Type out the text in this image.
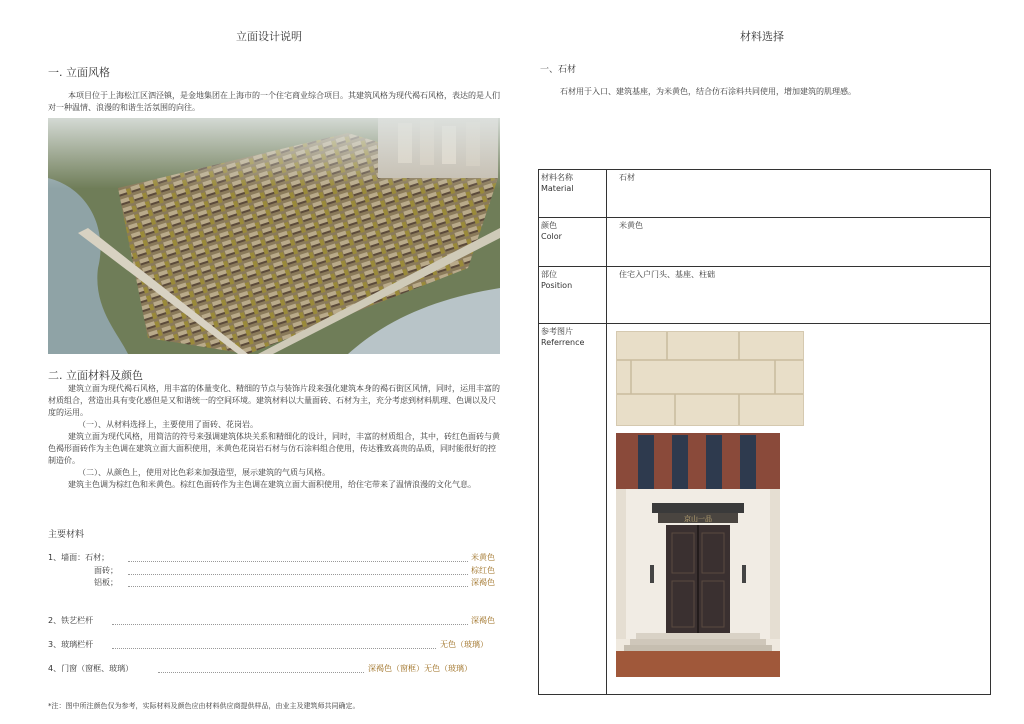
立面设计说明
一. 立面风格
本项目位于上海松江区泗泾镇，是金地集团在上海市的一个住宅商业综合项目。其建筑风格为现代褐石风格，表达的是人们对一种温情、浪漫的和谐生活氛围的向往。
二. 立面材料及颜色

建筑立面为现代褐石风格，用丰富的体量变化、精细的节点与装饰片段来强化建筑本身的褐石街区风情，同时，运用丰富的材质组合，营造出具有变化感但是又和谐统一的空间环境。建筑材料以大量面砖、石材为主，充分考虑到材料肌理、色调以及尺度的运用。

（一）、从材料选择上，主要使用了面砖、花岗岩。

建筑立面为现代风格，用简洁的符号来强调建筑体块关系和精细化的设计，同时，丰富的材质组合，其中，砖红色面砖与黄色褐形面砖作为主色调在建筑立面大面积使用，米黄色花岗岩石材与仿石涂料组合使用，传达雅致高贵的品质，同时能很好的控制造价。

（二）、从颜色上，使用对比色彩来加强造型，展示建筑的气质与风格。

建筑主色调为棕红色和米黄色。棕红色面砖作为主色调在建筑立面大面积使用，给住宅带来了温情浪漫的文化气息。

主要材料
1、墙面：石材；	米黄色
面砖；	棕红色
铝板；	深褐色
2、铁艺栏杆	深褐色
3、玻璃栏杆	无色（玻璃）
4、门窗（窗框、玻璃）	深褐色（窗框）无色（玻璃）
*注：图中所注颜色仅为参考，实际材料及颜色应由材料供应商提供样品，由业主及建筑师共同确定。
材料选择
一、石材
石材用于入口、建筑基座，为米黄色，结合仿石涂料共同使用，增加建筑的肌理感。
材料名称
Material	石材

颜色
Color	米黄色

部位
Position	住宅入户门头、基座、柱础

参考图片
Referrence	

京山一品
